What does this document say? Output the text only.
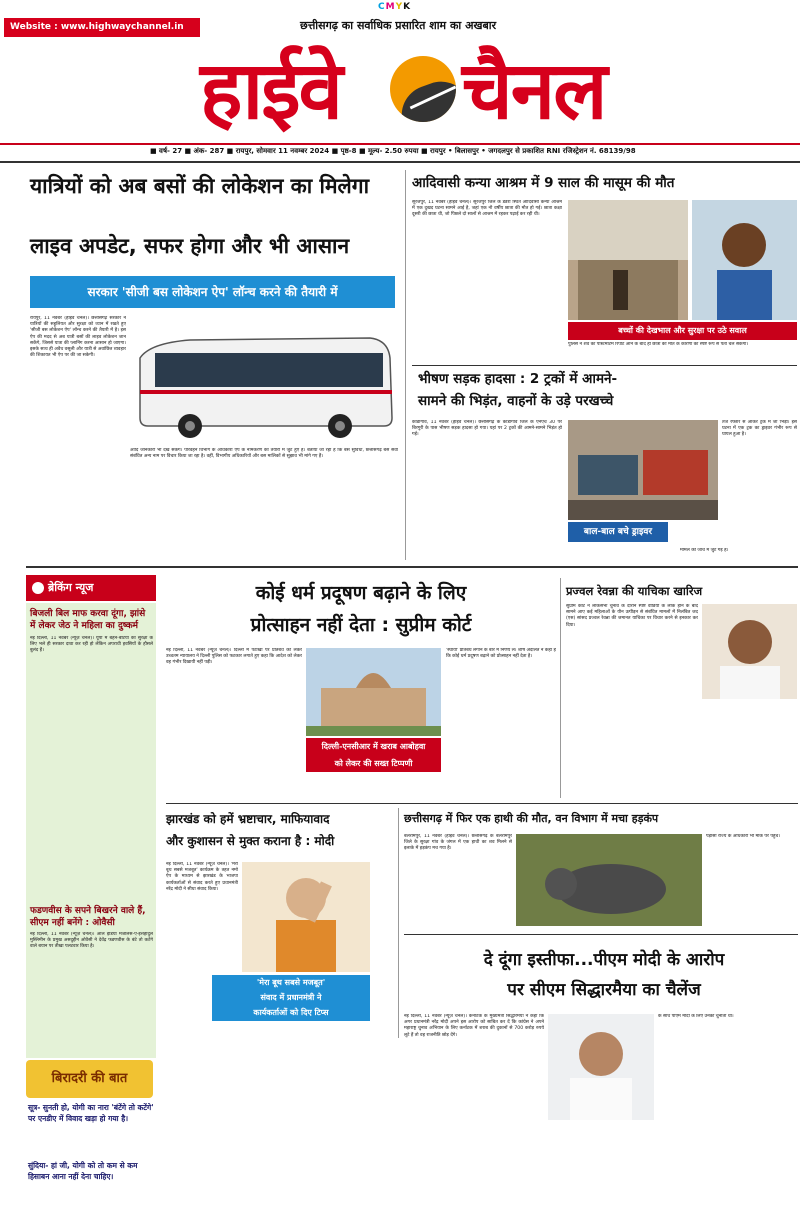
CMYK
Website : www.highwaychannel.in	छत्तीसगढ़ का सर्वाधिक प्रसारित शाम का अखबार
हाईवे चैनल
■ वर्ष- 27 ■ अंक- 287 ■ रायपुर, सोमवार 11 नवम्बर 2024 ■ पृष्ठ-8 ■ मूल्य- 2.50 रुपया ■ रायपुर • बिलासपुर • जगदलपुर से प्रकाशित RNI रजिस्ट्रेशन नं. 68139/98
यात्रियों को अब बसों की लोकेशन का मिलेगा
लाइव अपडेट, सफर होगा और भी आसान
सरकार 'सीजी बस लोकेशन ऐप' लॉन्च करने की तैयारी में
रायपुर, 11 नवंबर (हाईवे चैनल)। छत्तीसगढ़ सरकार ने यात्रियों की सहूलियत और सुरक्षा को ध्यान में रखते हुए 'सीजी बस लोकेशन ऐप' लॉन्च करने की तैयारी में है। इस ऐप की मदद से अब यात्री बसों की लाइव लोकेशन जान सकेंगे, जिससे यात्रा की प्लानिंग करना आसान हो जाएगा। इसके साथ ही अवैध वसूली और यात्री से अवांछित व्यवहार की शिकायत भी ऐप पर की जा सकेगी।
आदि जानकारी भी देख सकेंगे। परिवहन विभाग के अधिकारी ऐप के नामकरण की तैयारी में जुटे हुए हैं। बताया जा रहा है कि बस सुविधा, छत्तीसगढ़ बस सेवा संबंधित अन्य नाम पर विचार किया जा रहा है। वहीं, विभागीय अधिकारियों और बस मालिकों से सुझाव भी मांगे गए हैं।
आदिवासी कन्या आश्रम में 9 साल की मासूम की मौत
सूरजपुर, 11 नवंबर (हाईवे चैनल)। सूरजपुर जिले के डेडरी स्थित आदिवासी कन्या आश्रम में एक दुखद घटना सामने आई है, जहां एक नौ वर्षीय छात्रा की मौत हो गई। छात्रा कक्षा दूसरी की छात्रा थी, जो पिछले दो सालों से आश्रम में रहकर पढ़ाई कर रही थी।
बच्चों की देखभाल और सुरक्षा पर उठे सवाल
पुलिस ने शव का पोस्टमार्टम रिपोर्ट आने के बाद ही छात्रा की मौत के कारणों का स्पष्ट रूप से पता चल सकेगा।
भीषण सड़क हादसा : 2 ट्रकों में आमने-
सामने की भिड़ंत, वाहनों के उड़े परखच्चे
कोंडागांव, 11 नवंबर (हाईवे चैनल)। छत्तीसगढ़ के कोंडागांव जिले के एनएच 30 पर बिरगुरी के पास भीषण सड़क हादसा हो गया। यहां पर 2 ट्रकों की आमने-सामने भिड़ंत हो गई।
बाल-बाल बचे ड्राइवर
तेज रफ्तार से आकर ट्रक में जा भिड़ी। इस घटना में एक ट्रक का ड्राइवर गंभीर रूप से घायल हुआ है।
मामले की जांच में जुट गई है।
ब्रेकिंग न्यूज
बिजली बिल माफ करवा दूंगा, झांसे में लेकर जेठ ने महिला का दुष्कर्म
नई दिल्ली, 11 नवंबर (न्यूज़ चैनल)। यूपी में बहन-बेटियों की सुरक्षा के लिए भले ही सरकार दावा कर रही हो लेकिन अपराधी हवसियों के हौसले बुलंद हैं।
फडणवीस के सपने बिखरने वाले हैं, सीएम नहीं बनेंगे : ओवैसी
नई दिल्ली, 11 नवंबर (न्यूज़ चैनल)। ऑल इंडिया मजलिस-ए-इत्तेहादुल मुस्लिमीन के प्रमुख असदुद्दीन ओवैसी ने देवेंद्र फडणवीस के बंटे तो कटेंगे वाले बयान पर तीखा पलटवार किया है।
बिरादरी की बात
सूत्र- सुनती हो, योगी का नारा 'बंटेंगे तो कटेंगे' पर एनडीए में विवाद खड़ा हो गया है।
सुंदिया- हां जी, योगी को तो कम से कम हिसाबन आना नहीं देना चाहिए।
कोई धर्म प्रदूषण बढ़ाने के लिए
प्रोत्साहन नहीं देता : सुप्रीम कोर्ट
नई दिल्ली, 11 नवंबर (न्यूज़ चैनल)। दिल्ली में पटाखों पर प्रतिबंध को लेकर उच्चतम न्यायालय ने दिल्ली पुलिस को फटकार लगाते हुए कहा कि आदेश को लेकर वह गंभीर दिखायी नहीं पड़ी।
दिल्ली-एनसीआर में खराब आबोहवा
को लेकर की सख्त टिप्पणी
'स्थायी' प्रतिबंध लगाने के बारे में निर्णय ले। शीर्ष अदालत ने कहा है कि कोई धर्म प्रदूषण बढ़ाने को प्रोत्साहन नहीं देता है।
प्रज्वल रेवन्ना की याचिका खारिज
सुप्रीम कोर्ट ने लोकसभा चुनाव के दौरान स्पष्ट वीडियो के लीक होने के बाद सामने आए कई महिलाओं के यौन उत्पीड़न से संबंधित मामलों में निलंबित जद (एस) सांसद प्रज्वल रेवन्ना की जमानत याचिका पर विचार करने से इनकार कर दिया।
झारखंड को हमें भ्रष्टाचार, माफियावाद
और कुशासन से मुक्त कराना है : मोदी
नई दिल्ली, 11 नवंबर (न्यूज़ चैनल)। 'मेरा बूथ सबसे मजबूत' कार्यक्रम के तहत नमो ऐप के माध्यम से झारखंड के भाजपा कार्यकर्ताओं से संवाद करते हुए प्रधानमंत्री नरेंद्र मोदी ने सीधा संवाद किया।
'मेरा बूथ सबसे मजबूत'
संवाद में प्रधानमंत्री ने
कार्यकर्ताओं को दिए टिप्स
छत्तीसगढ़ में फिर एक हाथी की मौत, वन विभाग में मचा हड़कंप
बलरामपुर, 11 नवंबर (हाईवे चैनल)। छत्तीसगढ़ के बलरामपुर जिले के सुरक्षा गांव के जंगल में एक हाथी का शव मिलने से इलाके में हड़कंप मच गया है।
पड़ोसी राज्य के अधिकारी भी मौके पर पहुंचे।
दे दूंगा इस्तीफा...पीएम मोदी के आरोप
पर सीएम सिद्धारमैया का चैलेंज
नई दिल्ली, 11 नवंबर (न्यूज़ चैनल)। कर्नाटक के मुख्यमंत्री सिद्धारमैया ने कहा कि अगर प्रधानमंत्री नरेंद्र मोदी अपने इस आरोप को साबित कर दें कि कांग्रेस ने अपने महाराष्ट्र चुनाव अभियान के लिए कर्नाटक में शराब की दुकानों से 700 करोड़ रुपये लूटे हैं तो वह राजनीति छोड़ देंगे।
के साथ पीएम मोदी के लिए उनकी चुनौती थी।
